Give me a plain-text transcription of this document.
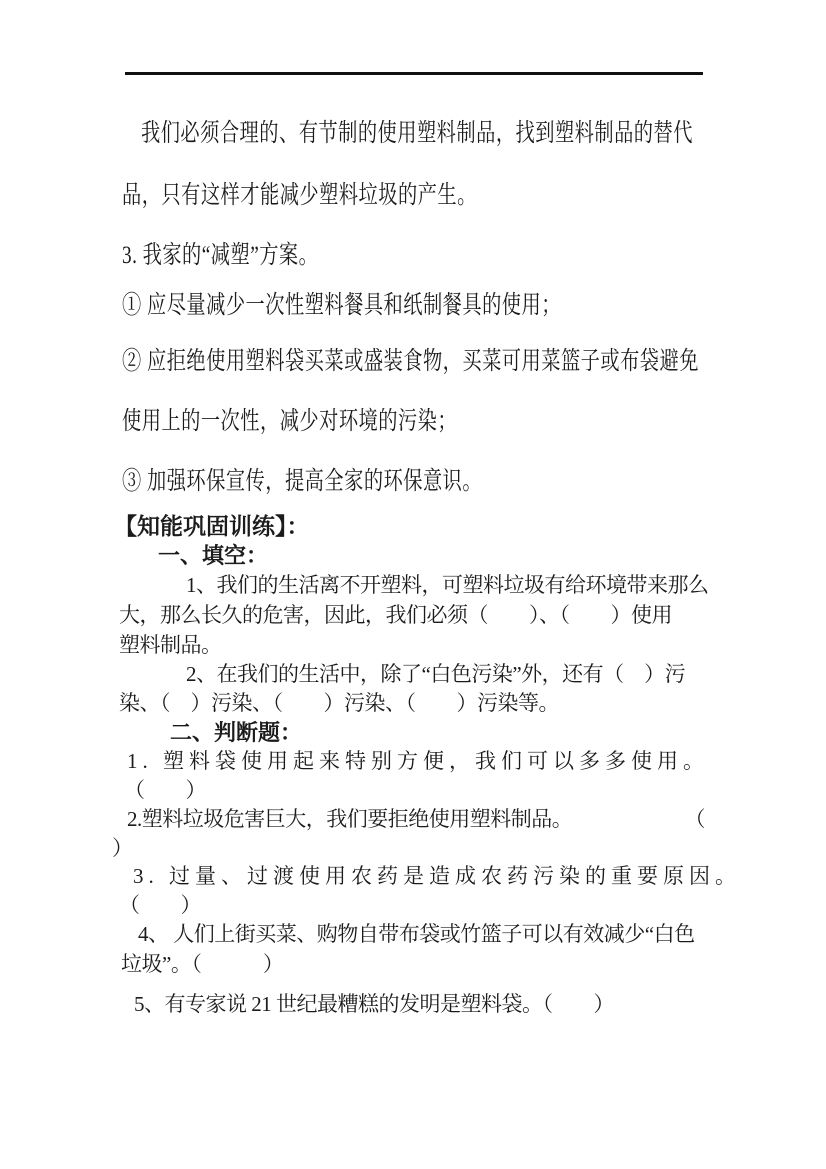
我们必须合理的、有节制的使用塑料制品，找到塑料制品的替代
品，只有这样才能减少塑料垃圾的产生。
3. 我家的“减塑”方案。
① 应尽量减少一次性塑料餐具和纸制餐具的使用；
② 应拒绝使用塑料袋买菜或盛装食物，买菜可用菜篮子或布袋避免
使用上的一次性，减少对环境的污染；
③ 加强环保宣传，提高全家的环保意识。
【知能巩固训练】：
一、填空：
1、我们的生活离不开塑料，可塑料垃圾有给环境带来那么
大，那么长久的危害，因此，我们必须（　　）、（　　）使用
塑料制品。
2、在我们的生活中，除了“白色污染”外，还有（　）污
染、（　）污染、（　　）污染、（　　）污染等。
二、判断题：
1. 塑料袋使用起来特别方便，我们可以多多使用。
（　　）
2.塑料垃圾危害巨大，我们要拒绝使用塑料制品。	（
）
3. 过量、过渡使用农药是造成农药污染的重要原因。
（　　）
4、 人们上街买菜、购物自带布袋或竹篮子可以有效减少“白色
垃圾”。（　　　）
5、有专家说 21 世纪最糟糕的发明是塑料袋。（　　）
